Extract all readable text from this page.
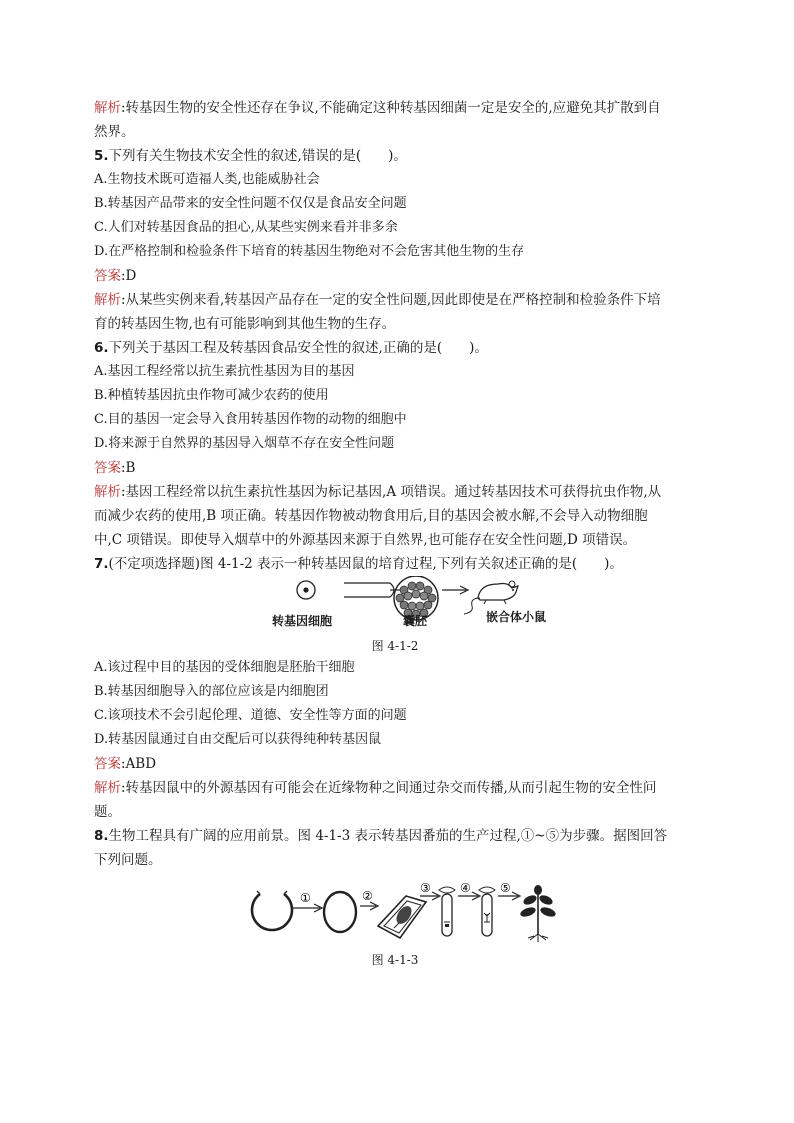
解析:转基因生物的安全性还存在争议,不能确定这种转基因细菌一定是安全的,应避免其扩散到自
然界。
5.下列有关生物技术安全性的叙述,错误的是(　　)。
A.生物技术既可造福人类,也能威胁社会
B.转基因产品带来的安全性问题不仅仅是食品安全问题
C.人们对转基因食品的担心,从某些实例来看并非多余
D.在严格控制和检验条件下培育的转基因生物绝对不会危害其他生物的生存
答案:D
解析:从某些实例来看,转基因产品存在一定的安全性问题,因此即使是在严格控制和检验条件下培
育的转基因生物,也有可能影响到其他生物的生存。
6.下列关于基因工程及转基因食品安全性的叙述,正确的是(　　)。
A.基因工程经常以抗生素抗性基因为目的基因
B.种植转基因抗虫作物可减少农药的使用
C.目的基因一定会导入食用转基因作物的动物的细胞中
D.将来源于自然界的基因导入烟草不存在安全性问题
答案:B
解析:基因工程经常以抗生素抗性基因为标记基因,A 项错误。通过转基因技术可获得抗虫作物,从
而减少农药的使用,B 项正确。转基因作物被动物食用后,目的基因会被水解,不会导入动物细胞
中,C 项错误。即使导入烟草中的外源基因来源于自然界,也可能存在安全性问题,D 项错误。
7.(不定项选择题)图 4-1-2 表示一种转基因鼠的培育过程,下列有关叙述正确的是(　　)。
转基因细胞	囊胚	嵌合体小鼠
图 4-1-2
A.该过程中目的基因的受体细胞是胚胎干细胞
B.转基因细胞导入的部位应该是内细胞团
C.该项技术不会引起伦理、道德、安全性等方面的问题
D.转基因鼠通过自由交配后可以获得纯种转基因鼠
答案:ABD
解析:转基因鼠中的外源基因有可能会在近缘物种之间通过杂交而传播,从而引起生物的安全性问
题。
8.生物工程具有广阔的应用前景。图 4-1-3 表示转基因番茄的生产过程,①~⑤为步骤。据图回答
下列问题。
①	②
③ ④ ⑤
图 4-1-3
